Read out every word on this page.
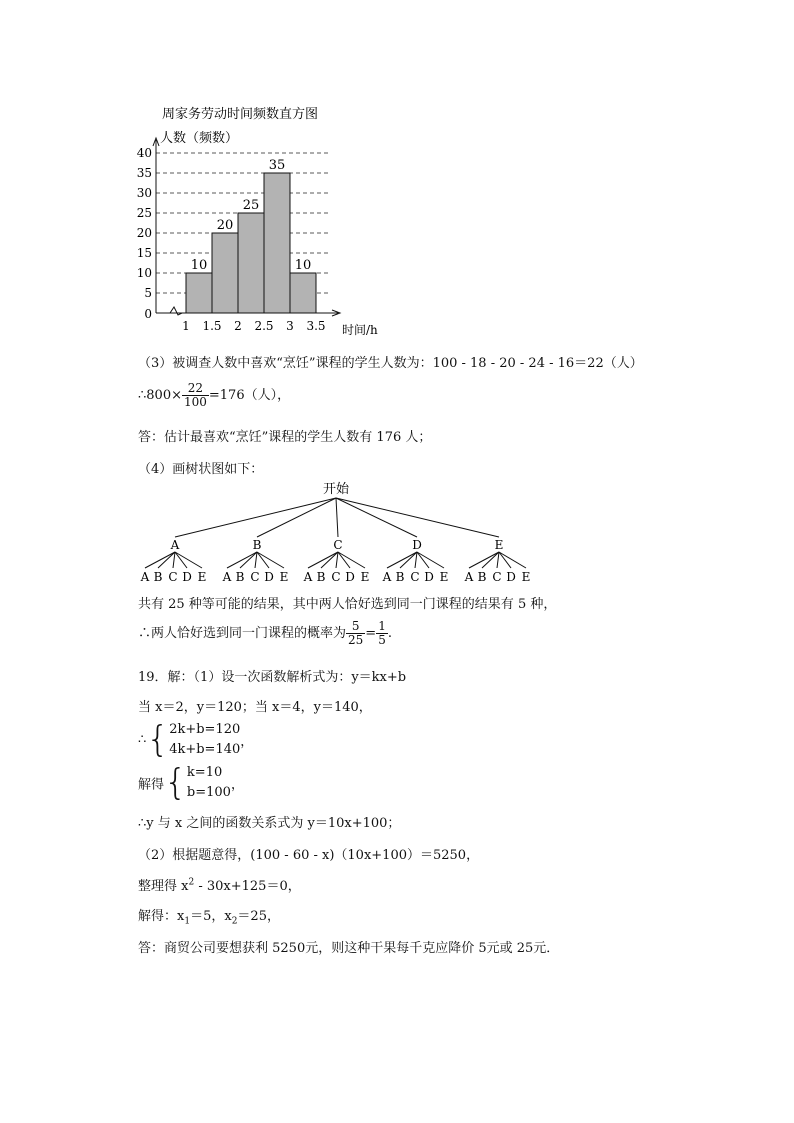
周家务劳动时间频数直方图
人数（频数）
0
5
10
15
20
25
30
35
40
10
20
25
35
10
1 1.5 2 2.5 3 3.5 时间/h
（3）被调查人数中喜欢“烹饪”课程的学生人数为：100 - 18 - 20 - 24 - 16＝22（人）
∴800× $\frac{22}{100} =176$（人），
答：估计最喜欢“烹饪”课程的学生人数有 176 人；
（4）画树状图如下：
开始
A
A B C D E
B
A B C D E
C
A B C D E
D
A B C D E
E
A B C D E
共有 25 种等可能的结果，其中两人恰好选到同一门课程的结果有 5 种，
∴两人恰好选到同一门课程的概率为 $\frac{5}{25} = \frac{1}{5}$ .
19．解：（1）设一次函数解析式为：y＝kx+b
当 x＝2，y＝120；当 x＝4，y＝140，
∴{ 2k+b=120
4k+b=140 ，
解得{ k=10
b=100 ，
∴y 与 x 之间的函数关系式为 y＝10x+100；
（2）根据题意得，(100 - 60 - x)（10x+100）＝5250，
整理得 $x^2 - 30x+125=0$，
解得：$x_1=5$，$x_2=25$，
答：商贸公司要想获利 5250元，则这种干果每千克应降价 5元或 25元．
